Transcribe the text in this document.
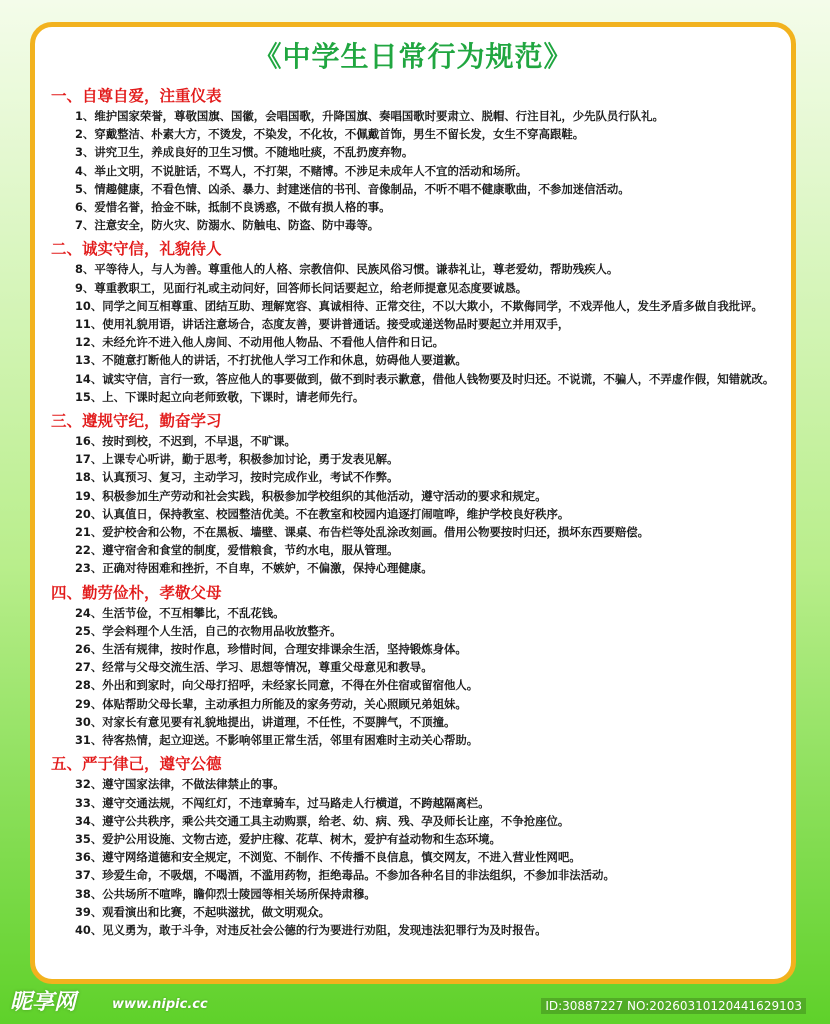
《中学生日常行为规范》
一、自尊自爱，注重仪表
1、维护国家荣誉，尊敬国旗、国徽，会唱国歌，升降国旗、奏唱国歌时要肃立、脱帽、行注目礼，少先队员行队礼。
2、穿戴整洁、朴素大方，不烫发，不染发，不化妆，不佩戴首饰，男生不留长发，女生不穿高跟鞋。
3、讲究卫生，养成良好的卫生习惯。不随地吐痰，不乱扔废弃物。
4、举止文明，不说脏话，不骂人，不打架，不赌博。不涉足未成年人不宜的活动和场所。
5、情趣健康，不看色情、凶杀、暴力、封建迷信的书刊、音像制品，不听不唱不健康歌曲，不参加迷信活动。
6、爱惜名誉，拾金不昧，抵制不良诱惑，不做有损人格的事。
7、注意安全，防火灾、防溺水、防触电、防盗、防中毒等。
二、诚实守信，礼貌待人
8、平等待人，与人为善。尊重他人的人格、宗教信仰、民族风俗习惯。谦恭礼让，尊老爱幼，帮助残疾人。
9、尊重教职工，见面行礼或主动问好，回答师长问话要起立，给老师提意见态度要诚恳。
10、同学之间互相尊重、团结互助、理解宽容、真诚相待、正常交往，不以大欺小，不欺侮同学，不戏弄他人，发生矛盾多做自我批评。
11、使用礼貌用语，讲话注意场合，态度友善，要讲普通话。接受或递送物品时要起立并用双手，
12、未经允许不进入他人房间、不动用他人物品、不看他人信件和日记。
13、不随意打断他人的讲话，不打扰他人学习工作和休息，妨碍他人要道歉。
14、诚实守信，言行一致，答应他人的事要做到，做不到时表示歉意，借他人钱物要及时归还。不说谎，不骗人，不弄虚作假，知错就改。
15、上、下课时起立向老师致敬，下课时，请老师先行。
三、遵规守纪，勤奋学习
16、按时到校，不迟到，不早退，不旷课。
17、上课专心听讲，勤于思考，积极参加讨论，勇于发表见解。
18、认真预习、复习，主动学习，按时完成作业，考试不作弊。
19、积极参加生产劳动和社会实践，积极参加学校组织的其他活动，遵守活动的要求和规定。
20、认真值日，保持教室、校园整洁优美。不在教室和校园内追逐打闹喧哗，维护学校良好秩序。
21、爱护校舍和公物，不在黑板、墙壁、课桌、布告栏等处乱涂改刻画。借用公物要按时归还，损坏东西要赔偿。
22、遵守宿舍和食堂的制度，爱惜粮食，节约水电，服从管理。
23、正确对待困难和挫折，不自卑，不嫉妒，不偏激，保持心理健康。
四、勤劳俭朴，孝敬父母
24、生活节俭，不互相攀比，不乱花钱。
25、学会料理个人生活，自己的衣物用品收放整齐。
26、生活有规律，按时作息，珍惜时间，合理安排课余生活，坚持锻炼身体。
27、经常与父母交流生活、学习、思想等情况，尊重父母意见和教导。
28、外出和到家时，向父母打招呼，未经家长同意，不得在外住宿或留宿他人。
29、体贴帮助父母长辈，主动承担力所能及的家务劳动，关心照顾兄弟姐妹。
30、对家长有意见要有礼貌地提出，讲道理，不任性，不耍脾气，不顶撞。
31、待客热情，起立迎送。不影响邻里正常生活，邻里有困难时主动关心帮助。
五、严于律己，遵守公德
32、遵守国家法律，不做法律禁止的事。
33、遵守交通法规，不闯红灯，不违章骑车，过马路走人行横道，不跨越隔离栏。
34、遵守公共秩序，乘公共交通工具主动购票，给老、幼、病、残、孕及师长让座，不争抢座位。
35、爱护公用设施、文物古迹，爱护庄稼、花草、树木，爱护有益动物和生态环境。
36、遵守网络道德和安全规定，不浏览、不制作、不传播不良信息，慎交网友，不进入营业性网吧。
37、珍爱生命，不吸烟，不喝酒，不滥用药物，拒绝毒品。不参加各种名目的非法组织，不参加非法活动。
38、公共场所不喧哗，瞻仰烈士陵园等相关场所保持肃穆。
39、观看演出和比赛，不起哄滋扰，做文明观众。
40、见义勇为，敢于斗争，对违反社会公德的行为要进行劝阻，发现违法犯罪行为及时报告。
昵享网	www.nipic.cc	ID:30887227 NO:20260310120441629103
